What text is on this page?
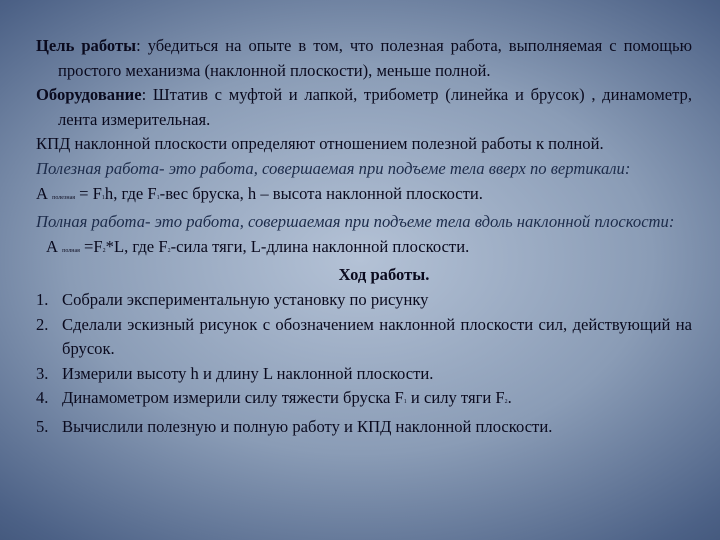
Цель работы: убедиться на опыте в том, что полезная работа, выполняемая с помощью простого механизма (наклонной плоскости), меньше полной.

Оборудование: Штатив с муфтой и лапкой, трибометр (линейка и брусок) , динамометр, лента измерительная.

КПД наклонной плоскости определяют отношением полезной работы к полной.

Полезная работа- это работа, совершаемая при подъеме тела вверх по вертикали:

А полезная = F1h, где F1-вес бруска, h – высота наклонной плоскости.

Полная работа- это работа, совершаемая при подъеме тела вдоль наклонной плоскости:

А полная =F2*L, где F2-сила тяги, L-длина наклонной плоскости.

Ход работы.

1. Собрали экспериментальную установку по рисунку
2. Сделали эскизный рисунок с обозначением наклонной плоскости сил, действующий на брусок.
3. Измерили высоту h и длину L наклонной плоскости.
4. Динамометром измерили силу тяжести бруска F1 и силу тяги F2.
5. Вычислили полезную и полную работу и КПД наклонной плоскости.
